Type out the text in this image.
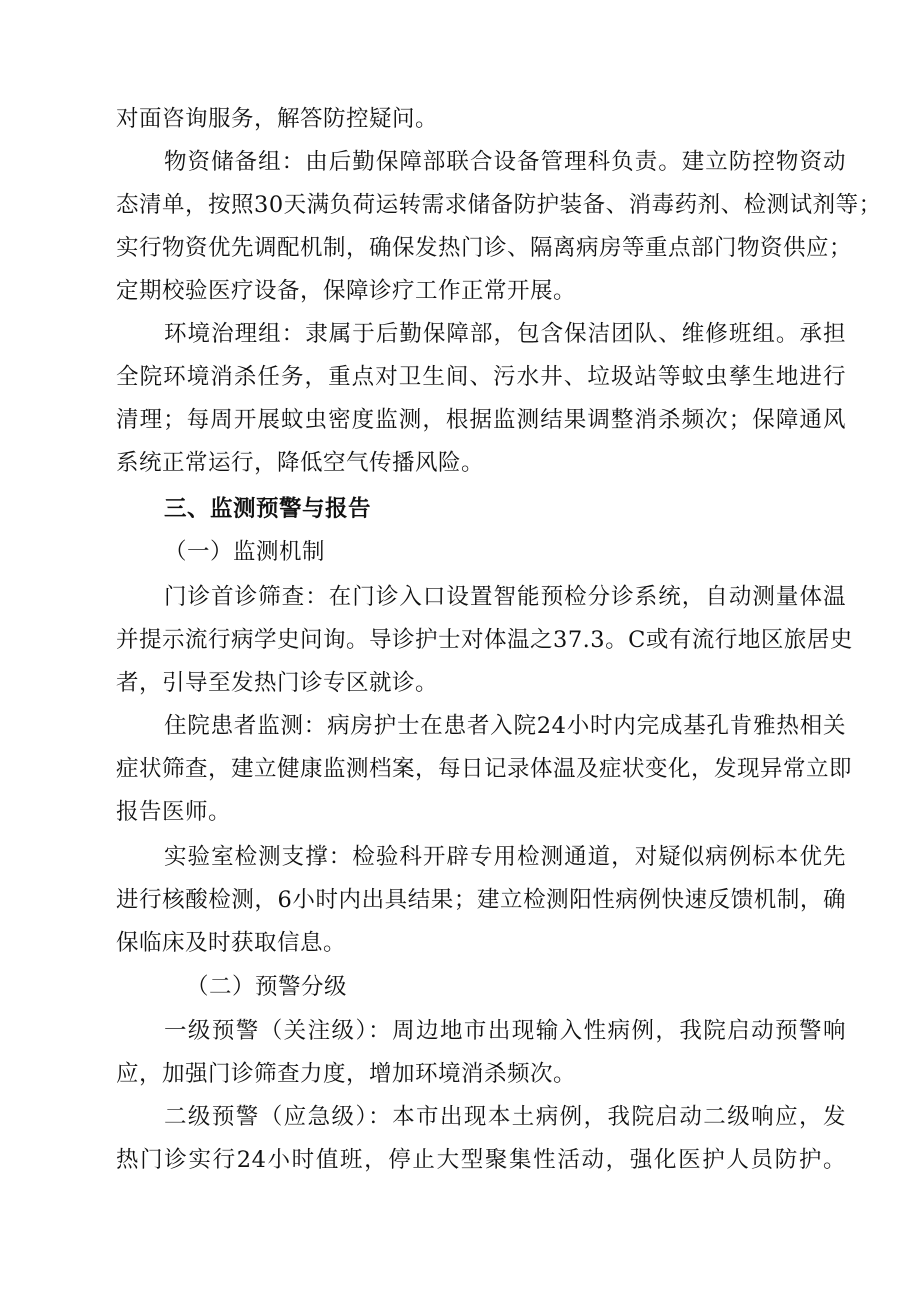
对面咨询服务，解答防控疑问。
物资储备组：由后勤保障部联合设备管理科负责。建立防控物资动
态清单，按照30天满负荷运转需求储备防护装备、消毒药剂、检测试剂等；
实行物资优先调配机制，确保发热门诊、隔离病房等重点部门物资供应；
定期校验医疗设备，保障诊疗工作正常开展。
环境治理组：隶属于后勤保障部，包含保洁团队、维修班组。承担
全院环境消杀任务，重点对卫生间、污水井、垃圾站等蚊虫孳生地进行
清理；每周开展蚊虫密度监测，根据监测结果调整消杀频次；保障通风
系统正常运行，降低空气传播风险。
三、监测预警与报告
（一）监测机制
门诊首诊筛查：在门诊入口设置智能预检分诊系统，自动测量体温
并提示流行病学史问询。导诊护士对体温之37.3。C或有流行地区旅居史
者，引导至发热门诊专区就诊。
住院患者监测：病房护士在患者入院24小时内完成基孔肯雅热相关
症状筛查，建立健康监测档案，每日记录体温及症状变化，发现异常立即
报告医师。
实验室检测支撑：检验科开辟专用检测通道，对疑似病例标本优先
进行核酸检测，6小时内出具结果；建立检测阳性病例快速反馈机制，确
保临床及时获取信息。
（二）预警分级
一级预警（关注级）：周边地市出现输入性病例，我院启动预警响
应，加强门诊筛查力度，增加环境消杀频次。
二级预警（应急级）：本市出现本土病例，我院启动二级响应，发
热门诊实行24小时值班，停止大型聚集性活动，强化医护人员防护。
